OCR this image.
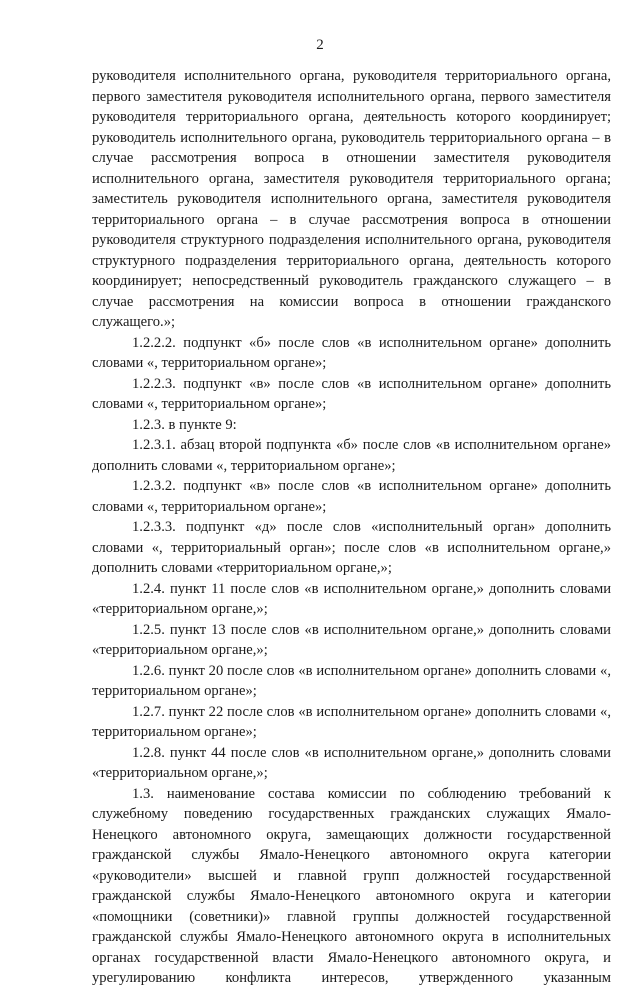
2

руководителя исполнительного органа, руководителя территориального органа, первого заместителя руководителя исполнительного органа, первого заместителя руководителя территориального органа, деятельность которого координирует; руководитель исполнительного органа, руководитель территориального органа – в случае рассмотрения вопроса в отношении заместителя руководителя исполнительного органа, заместителя руководителя территориального органа; заместитель руководителя исполнительного органа, заместителя руководителя территориального органа – в случае рассмотрения вопроса в отношении руководителя структурного подразделения исполнительного органа, руководителя структурного подразделения территориального органа, деятельность которого координирует; непосредственный руководитель гражданского служащего – в случае рассмотрения на комиссии вопроса в отношении гражданского служащего.»;

1.2.2.2. подпункт «б» после слов «в исполнительном органе» дополнить словами «, территориальном органе»;

1.2.2.3. подпункт «в» после слов «в исполнительном органе» дополнить словами «, территориальном органе»;

1.2.3. в пункте 9:

1.2.3.1. абзац второй подпункта «б» после слов «в исполнительном органе» дополнить словами «, территориальном органе»;

1.2.3.2. подпункт «в» после слов «в исполнительном органе» дополнить словами «, территориальном органе»;

1.2.3.3. подпункт «д» после слов «исполнительный орган» дополнить словами «, территориальный орган»; после слов «в исполнительном органе,» дополнить словами «территориальном органе,»;

1.2.4. пункт 11 после слов «в исполнительном органе,» дополнить словами «территориальном органе,»;

1.2.5. пункт 13 после слов «в исполнительном органе,» дополнить словами «территориальном органе,»;

1.2.6. пункт 20 после слов «в исполнительном органе» дополнить словами «, территориальном органе»;

1.2.7. пункт 22 после слов «в исполнительном органе» дополнить словами «, территориальном органе»;

1.2.8. пункт 44 после слов «в исполнительном органе,» дополнить словами «территориальном органе,»;

1.3. наименование состава комиссии по соблюдению требований к служебному поведению государственных гражданских служащих Ямало-Ненецкого автономного округа, замещающих должности государственной гражданской службы Ямало-Ненецкого автономного округа категории «руководители» высшей и главной групп должностей государственной гражданской службы Ямало-Ненецкого автономного округа и категории «помощники (советники)» главной группы должностей государственной гражданской службы Ямало-Ненецкого автономного округа в исполнительных органах государственной власти Ямало-Ненецкого автономного округа, и урегулированию конфликта интересов, утвержденного указанным
